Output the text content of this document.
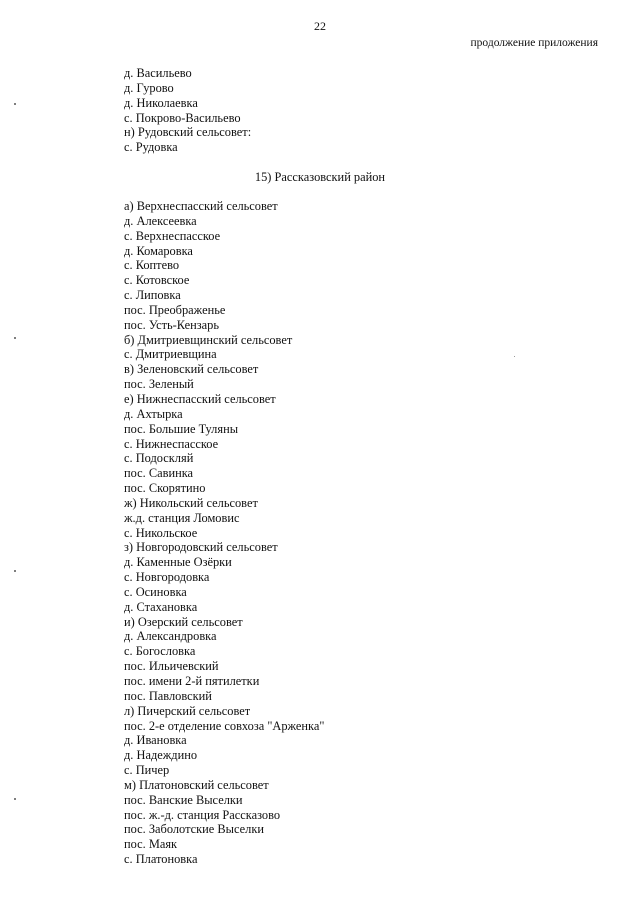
22
продолжение приложения
д. Васильево
д. Гурово
д. Николаевка
с. Покрово-Васильево
н) Рудовский сельсовет:
с. Рудовка
15) Рассказовский район
а) Верхнеспасский сельсовет
д. Алексеевка
с. Верхнеспасское
д. Комаровка
с. Коптево
с. Котовское
с. Липовка
пос. Преображенье
пос. Усть-Кензарь
б) Дмитриевщинский сельсовет
с. Дмитриевщина
в) Зеленовский сельсовет
пос. Зеленый
е) Нижнеспасский сельсовет
д. Ахтырка
пос. Большие Туляны
с. Нижнеспасское
с. Подоскляй
пос. Савинка
пос. Скорятино
ж) Никольский сельсовет
ж.д. станция Ломовис
с. Никольское
з) Новгородовский сельсовет
д. Каменные Озёрки
с. Новгородовка
с. Осиновка
д. Стахановка
и) Озерский сельсовет
д. Александровка
с. Богословка
пос. Ильичевский
пос. имени 2-й пятилетки
пос. Павловский
л) Пичерский сельсовет
пос. 2-е отделение совхоза "Арженка"
д. Ивановка
д. Надеждино
с. Пичер
м) Платоновский сельсовет
пос. Ванские Выселки
пос. ж.-д. станция Рассказово
пос. Заболотские Выселки
пос. Маяк
с. Платоновка
